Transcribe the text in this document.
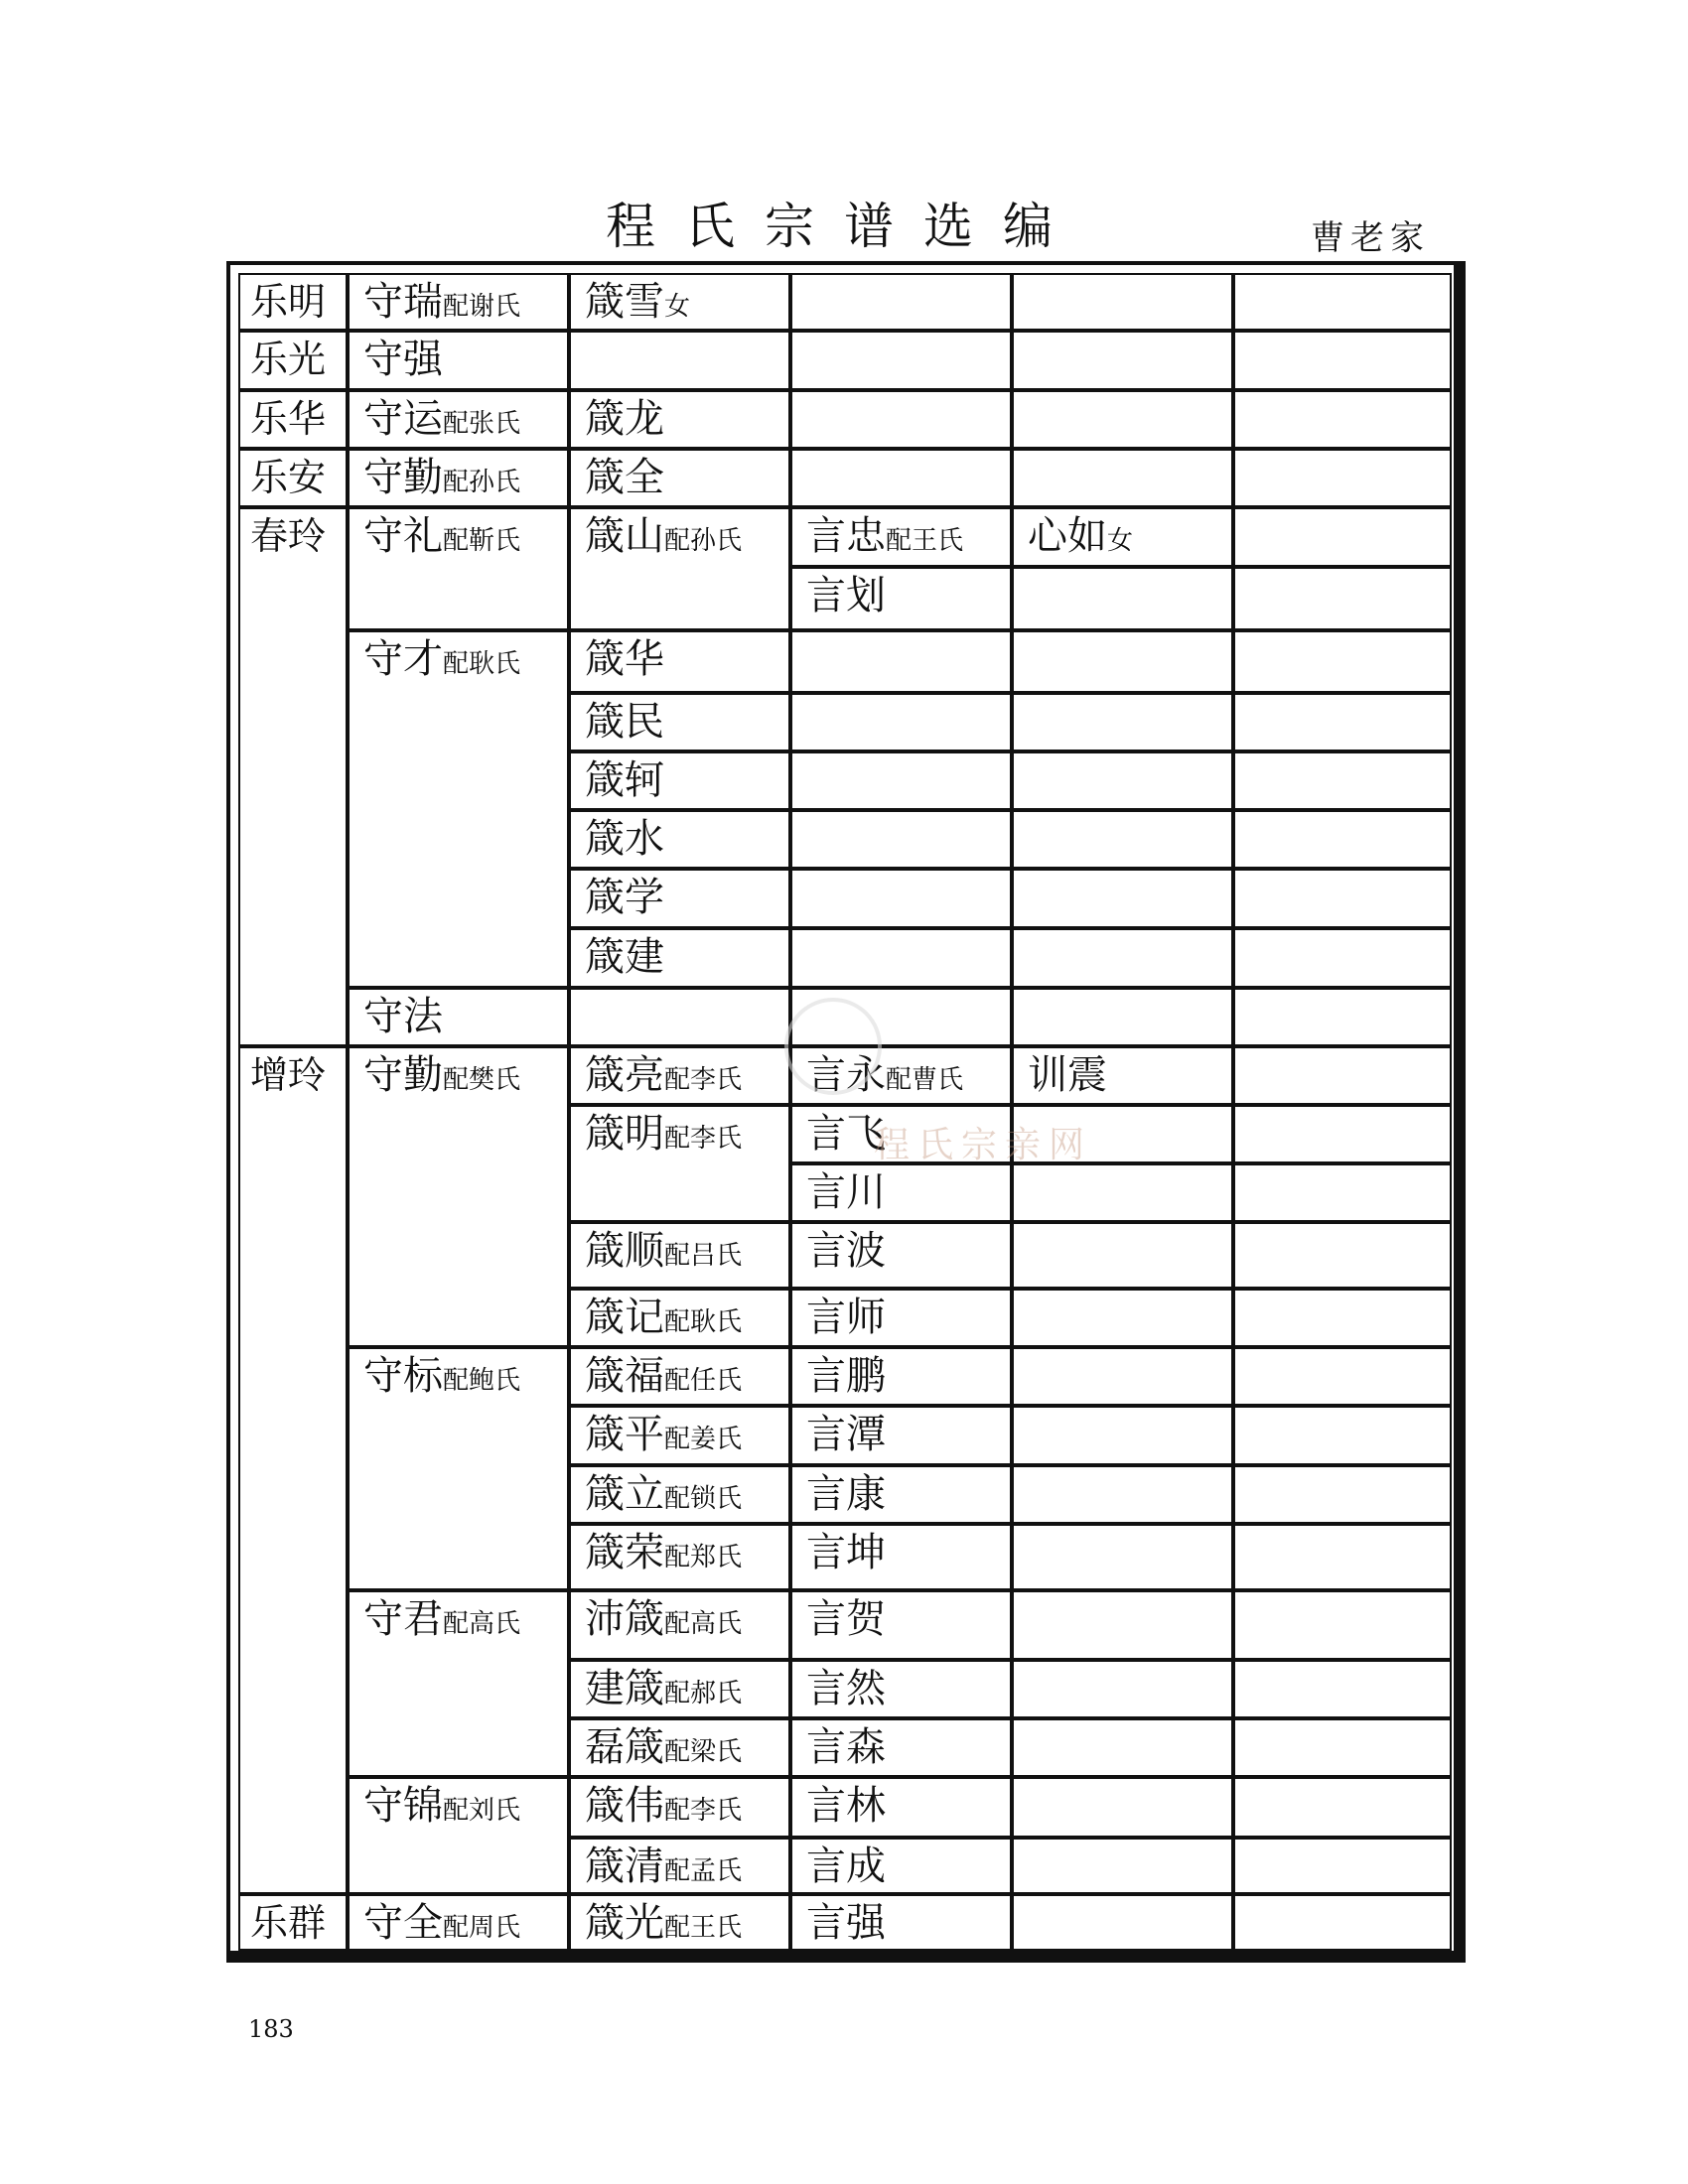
程氏宗谱选编	曹老家
乐明
乐光
乐华
乐安
春玲
增玲
乐群
守瑞配谢氏
守强
守运配张氏
守勤配孙氏
守礼配靳氏
守才配耿氏
守法
守勤配樊氏
守标配鲍氏
守君配高氏
守锦配刘氏
守全配周氏
箴雪女
箴龙
箴全
箴山配孙氏
箴华
箴民
箴轲
箴水
箴学
箴建
箴亮配李氏
箴明配李氏
箴顺配吕氏
箴记配耿氏
箴福配任氏
箴平配姜氏
箴立配锁氏
箴荣配郑氏
沛箴配高氏
建箴配郝氏
磊箴配梁氏
箴伟配李氏
箴清配孟氏
箴光配王氏
言忠配王氏
言划
言永配曹氏
言飞
言川
言波
言师
言鹏
言潭
言康
言坤
言贺
言然
言森
言林
言成
言强
心如女
训震
程氏宗亲网
183
